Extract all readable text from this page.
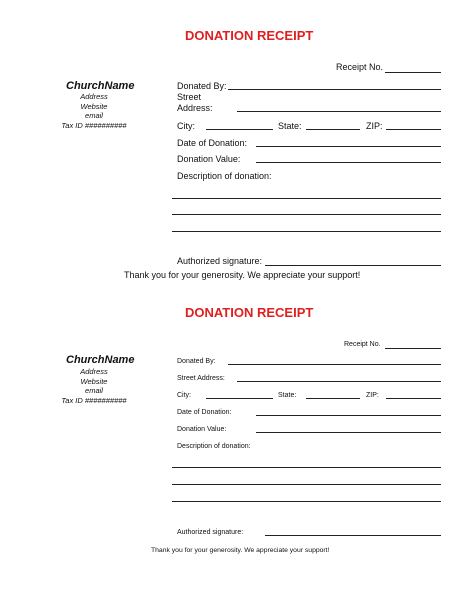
DONATION RECEIPT
Receipt No.
ChurchName
Address
Website
email
Tax ID ##########
Donated By:
Street
Address:
City:	State:	ZIP:
Date of Donation:
Donation Value:
Description of donation:
Authorized signature:
Thank you for your generosity. We appreciate your support!
DONATION RECEIPT
Receipt No.
ChurchName
Address
Website
email
Tax ID ##########
Donated By:
Street Address:
City:	State:	ZIP:
Date of Donation:
Donation Value:
Description of donation:
Authorized signature:
Thank you for your generosity. We appreciate your support!
